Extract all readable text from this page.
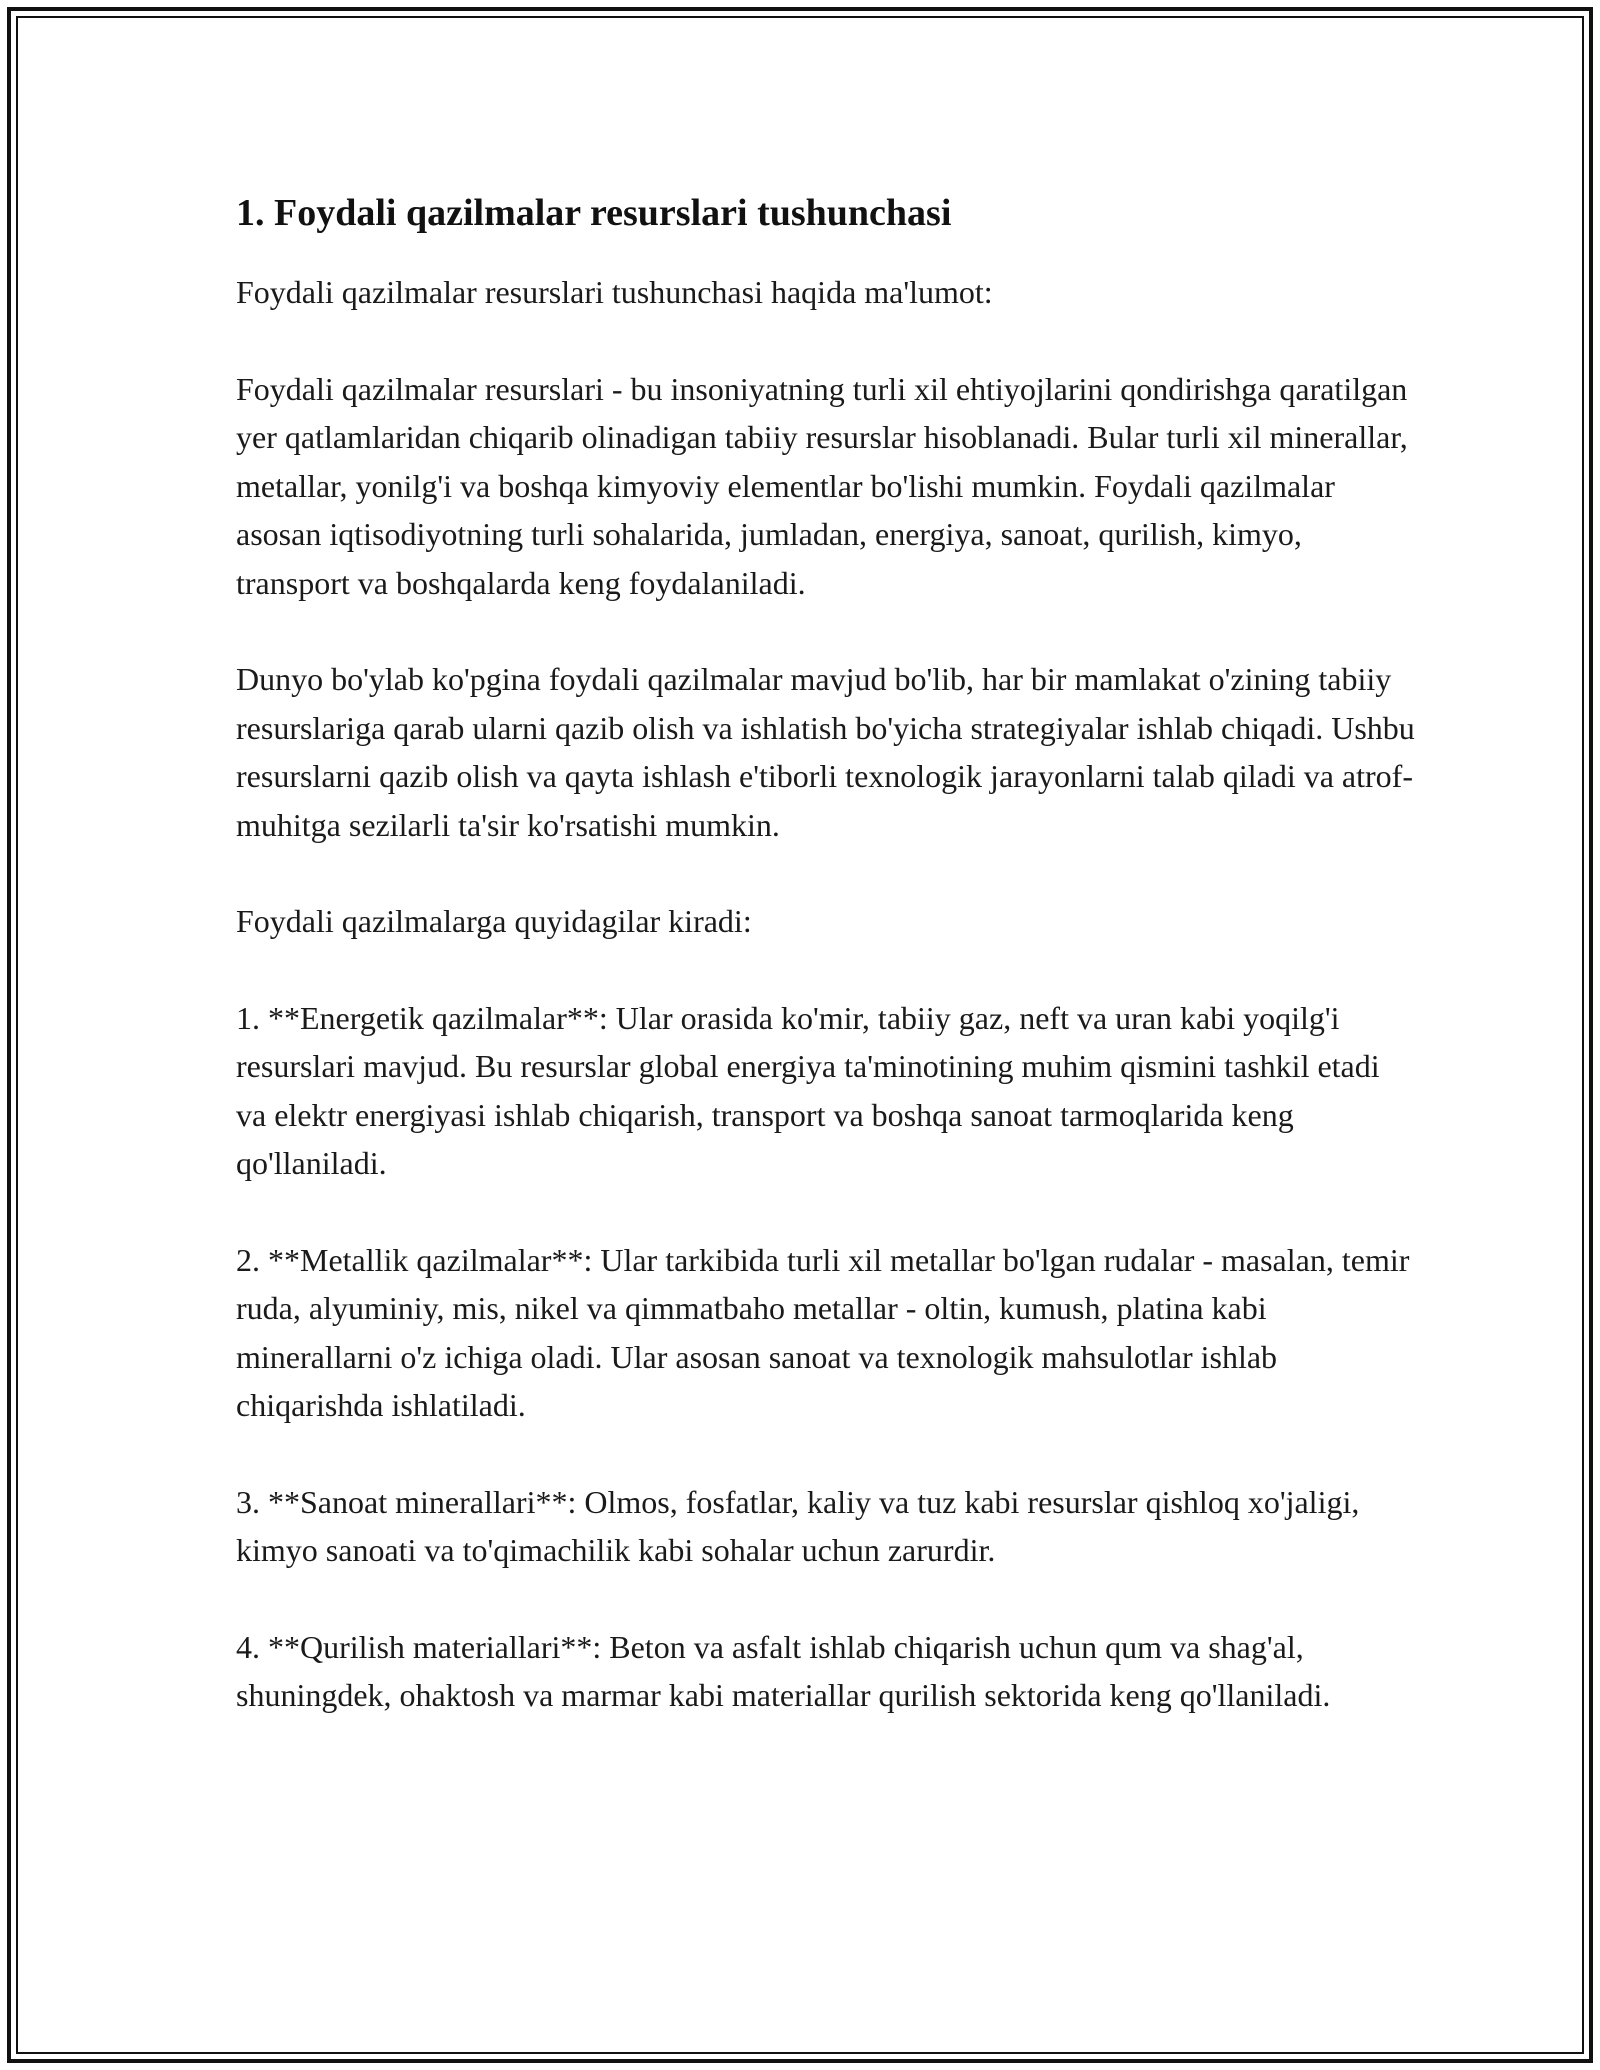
1. Foydali qazilmalar resurslari tushunchasi

Foydali qazilmalar resurslari tushunchasi haqida ma'lumot:

Foydali qazilmalar resurslari - bu insoniyatning turli xil ehtiyojlarini qondirishga qaratilgan yer qatlamlaridan chiqarib olinadigan tabiiy resurslar hisoblanadi. Bular turli xil minerallar, metallar, yonilg'i va boshqa kimyoviy elementlar bo'lishi mumkin. Foydali qazilmalar asosan iqtisodiyotning turli sohalarida, jumladan, energiya, sanoat, qurilish, kimyo, transport va boshqalarda keng foydalaniladi.

Dunyo bo'ylab ko'pgina foydali qazilmalar mavjud bo'lib, har bir mamlakat o'zining tabiiy resurslariga qarab ularni qazib olish va ishlatish bo'yicha strategiyalar ishlab chiqadi. Ushbu resurslarni qazib olish va qayta ishlash e'tiborli texnologik jarayonlarni talab qiladi va atrof-muhitga sezilarli ta'sir ko'rsatishi mumkin.

Foydali qazilmalarga quyidagilar kiradi:

1. **Energetik qazilmalar**: Ular orasida ko'mir, tabiiy gaz, neft va uran kabi yoqilg'i resurslari mavjud. Bu resurslar global energiya ta'minotining muhim qismini tashkil etadi va elektr energiyasi ishlab chiqarish, transport va boshqa sanoat tarmoqlarida keng qo'llaniladi.

2. **Metallik qazilmalar**: Ular tarkibida turli xil metallar bo'lgan rudalar - masalan, temir ruda, alyuminiy, mis, nikel va qimmatbaho metallar - oltin, kumush, platina kabi minerallarni o'z ichiga oladi. Ular asosan sanoat va texnologik mahsulotlar ishlab chiqarishda ishlatiladi.

3. **Sanoat minerallari**: Olmos, fosfatlar, kaliy va tuz kabi resurslar qishloq xo'jaligi, kimyo sanoati va to'qimachilik kabi sohalar uchun zarurdir.

4. **Qurilish materiallari**: Beton va asfalt ishlab chiqarish uchun qum va shag'al, shuningdek, ohaktosh va marmar kabi materiallar qurilish sektorida keng qo'llaniladi.
